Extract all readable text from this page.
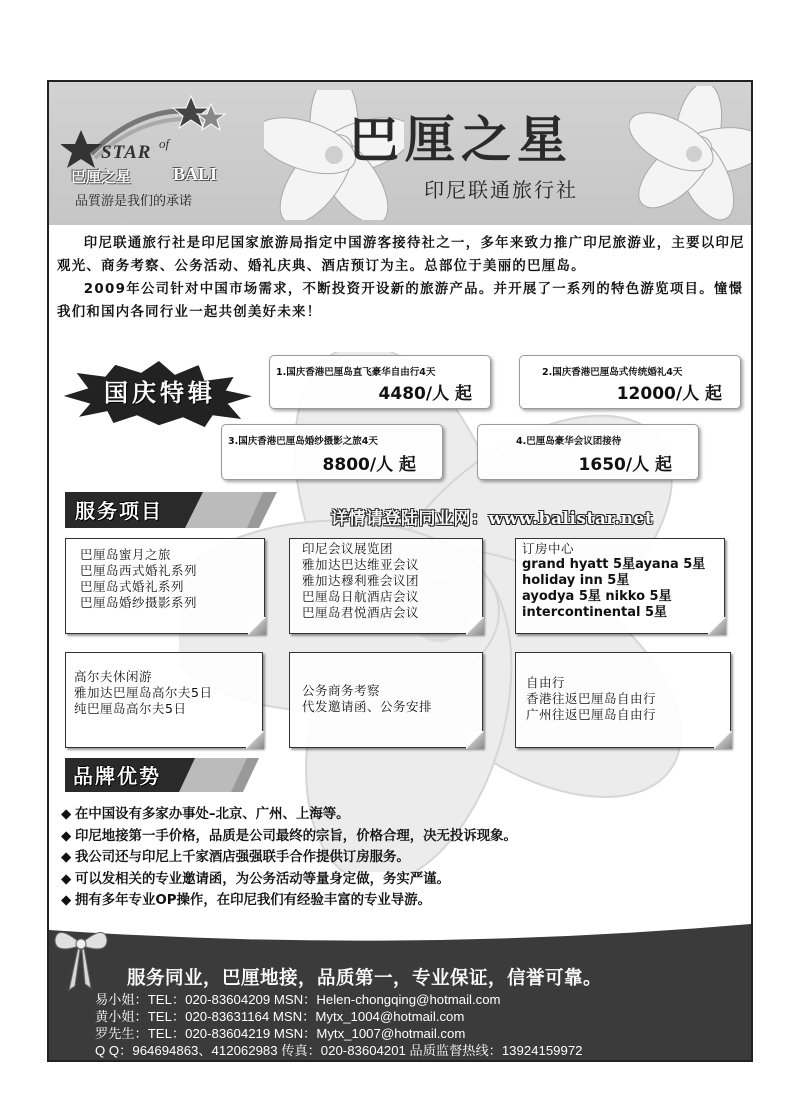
STAR of
巴厘之星 BALI
品質游是我们的承诺
巴厘之星
印尼联通旅行社

印尼联通旅行社是印尼国家旅游局指定中国游客接待社之一，多年来致力推广印尼旅游业，主要以印尼观光、商务考察、公务活动、婚礼庆典、酒店预订为主。总部位于美丽的巴厘岛。

2009年公司针对中国市场需求，不断投资开设新的旅游产品。并开展了一系列的特色游览项目。憧憬我们和国内各同行业一起共创美好未来！

国庆特辑
1.国庆香港巴厘岛直飞豪华自由行4天
4480/人 起
2.国庆香港巴厘岛式传统婚礼4天
12000/人 起
3.国庆香港巴厘岛婚纱摄影之旅4天
8800/人 起
4.巴厘岛豪华会议团接待
1650/人 起
服务项目	详情请登陆同业网：www.balistar.net
巴厘岛蜜月之旅
巴厘岛西式婚礼系列
巴厘岛式婚礼系列
巴厘岛婚纱摄影系列
印尼会议展览团
雅加达巴达维亚会议
雅加达穆利雅会议团
巴厘岛日航酒店会议
巴厘岛君悦酒店会议
订房中心
grand hyatt 5星ayana 5星
holiday inn 5星
ayodya 5星 nikko 5星
intercontinental 5星
高尔夫休闲游
雅加达巴厘岛高尔夫5日
纯巴厘岛高尔夫5日
公务商务考察
代发邀请函、公务安排
自由行
香港往返巴厘岛自由行
广州往返巴厘岛自由行
品牌优势
◆ 在中国设有多家办事处–北京、广州、上海等。
◆ 印尼地接第一手价格，品质是公司最终的宗旨，价格合理，决无投诉现象。
◆ 我公司还与印尼上千家酒店强强联手合作提供订房服务。
◆ 可以发相关的专业邀请函，为公务活动等量身定做，务实严谨。
◆ 拥有多年专业OP操作，在印尼我们有经验丰富的专业导游。
服务同业，巴厘地接，品质第一，专业保证，信誉可靠。
易小姐：TEL：020-83604209 MSN：Helen-chongqing@hotmail.com
黄小姐：TEL：020-83631164 MSN：Mytx_1004@hotmail.com
罗先生：TEL：020-83604219 MSN：Mytx_1007@hotmail.com
Q Q：964694863、412062983 传真：020-83604201 品质监督热线：13924159972
